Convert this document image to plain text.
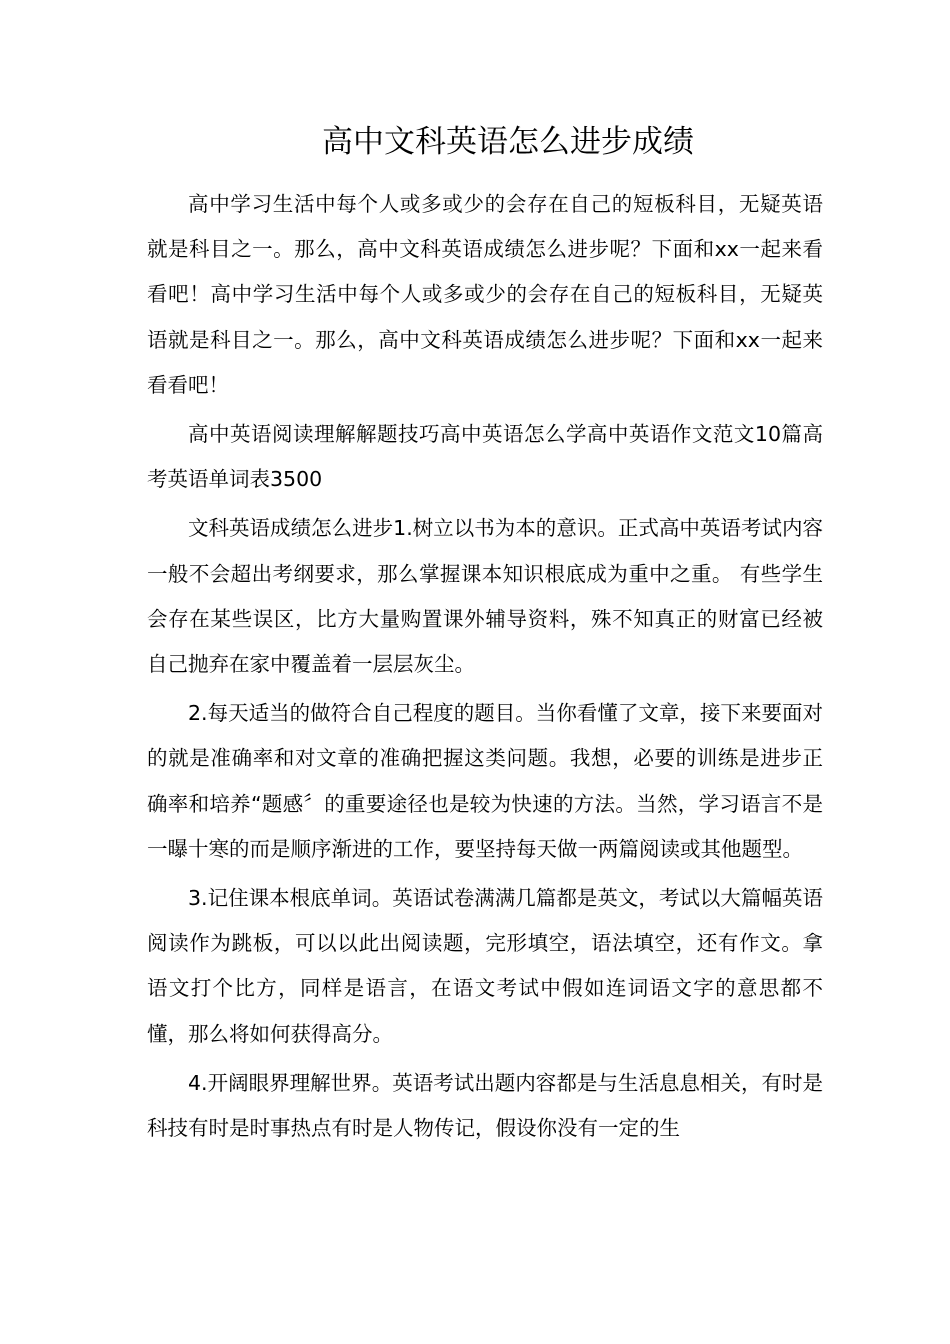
高中文科英语怎么进步成绩

高中学习生活中每个人或多或少的会存在自己的短板科目，无疑英语就是科目之一。那么，高中文科英语成绩怎么进步呢？下面和xx一起来看看吧！高中学习生活中每个人或多或少的会存在自己的短板科目，无疑英语就是科目之一。那么，高中文科英语成绩怎么进步呢？下面和xx一起来看看吧！

高中英语阅读理解解题技巧高中英语怎么学高中英语作文范文10篇高考英语单词表3500

文科英语成绩怎么进步1.树立以书为本的意识。正式高中英语考试内容一般不会超出考纲要求，那么掌握课本知识根底成为重中之重。 有些学生会存在某些误区，比方大量购置课外辅导资料，殊不知真正的财富已经被自己抛弃在家中覆盖着一层层灰尘。

2.每天适当的做符合自己程度的题目。当你看懂了文章，接下来要面对的就是准确率和对文章的准确把握这类问题。我想，必要的训练是进步正确率和培养“题感〞的重要途径也是较为快速的方法。当然，学习语言不是一曝十寒的而是顺序渐进的工作，要坚持每天做一两篇阅读或其他题型。

3.记住课本根底单词。英语试卷满满几篇都是英文，考试以大篇幅英语阅读作为跳板，可以以此出阅读题，完形填空，语法填空，还有作文。拿语文打个比方，同样是语言，在语文考试中假如连词语文字的意思都不懂，那么将如何获得高分。

4.开阔眼界理解世界。英语考试出题内容都是与生活息息相关，有时是科技有时是时事热点有时是人物传记，假设你没有一定的生
